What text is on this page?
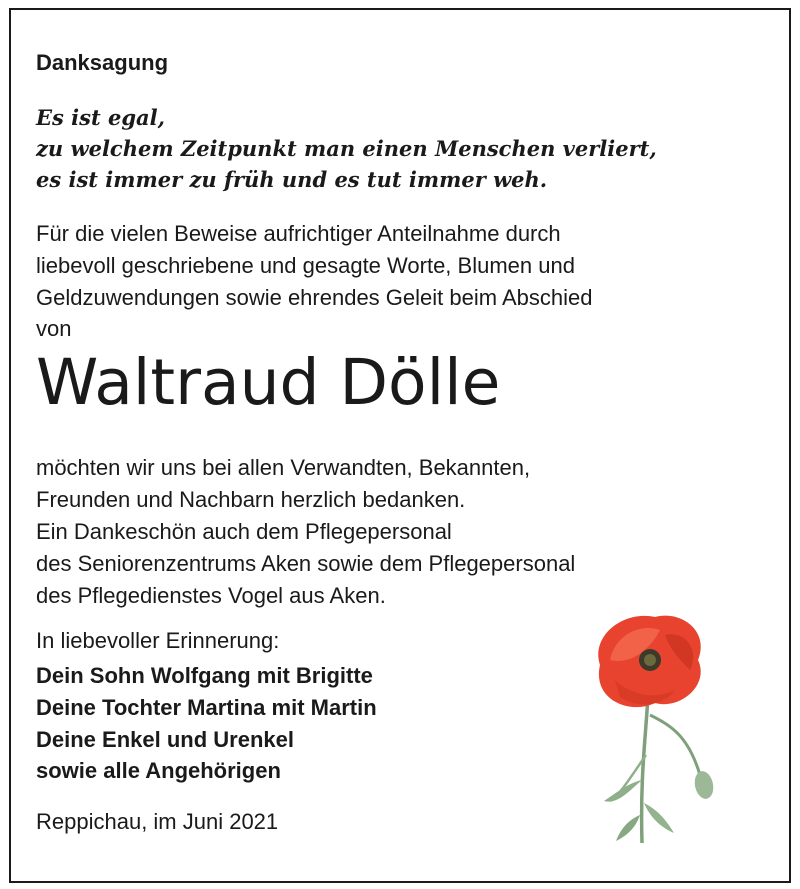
Danksagung
Es ist egal,
zu welchem Zeitpunkt man einen Menschen verliert,
es ist immer zu früh und es tut immer weh.
Für die vielen Beweise aufrichtiger Anteilnahme durch
liebevoll geschriebene und gesagte Worte, Blumen und
Geldzuwendungen sowie ehrendes Geleit beim Abschied
von
Waltraud Dölle
möchten wir uns bei allen Verwandten, Bekannten,
Freunden und Nachbarn herzlich bedanken.
Ein Dankeschön auch dem Pflegepersonal
des Seniorenzentrums Aken sowie dem Pflegepersonal
des Pflegedienstes Vogel aus Aken.
In liebevoller Erinnerung:
Dein Sohn Wolfgang mit Brigitte
Deine Tochter Martina mit Martin
Deine Enkel und Urenkel
sowie alle Angehörigen
Reppichau, im Juni 2021
